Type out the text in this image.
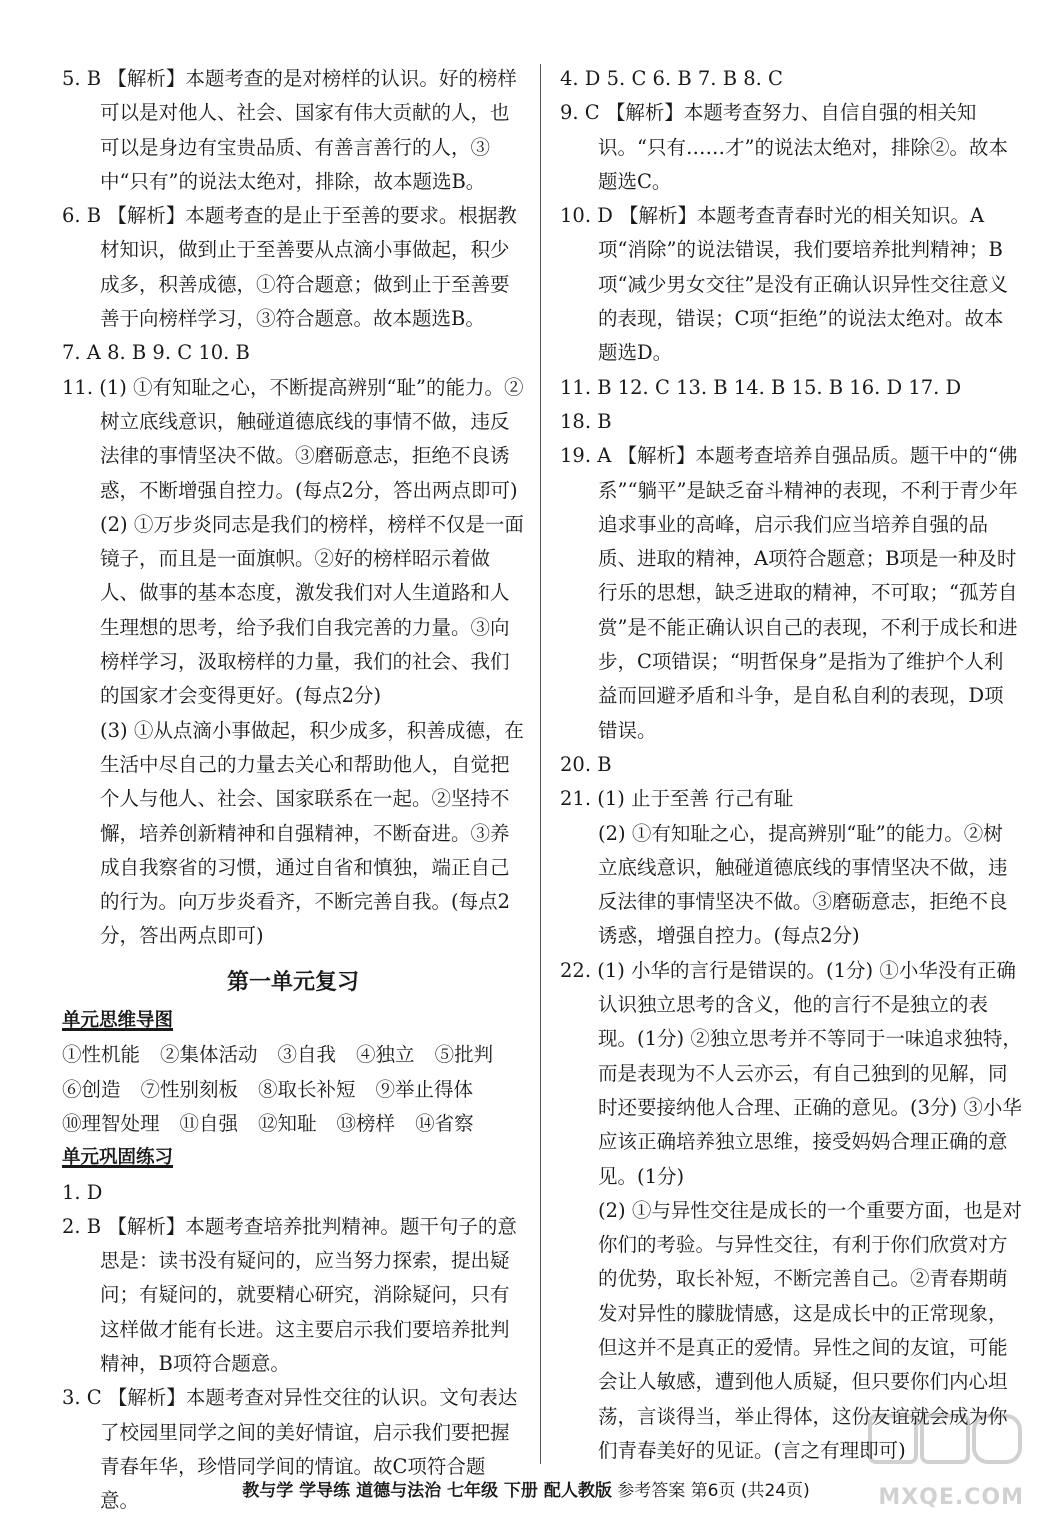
5. B 【解析】本题考查的是对榜样的认识。好的榜样可以是对他人、社会、国家有伟大贡献的人，也可以是身边有宝贵品质、有善言善行的人，③中“只有”的说法太绝对，排除，故本题选B。

6. B 【解析】本题考查的是止于至善的要求。根据教材知识，做到止于至善要从点滴小事做起，积少成多，积善成德，①符合题意；做到止于至善要善于向榜样学习，③符合题意。故本题选B。

7. A 8. B 9. C 10. B

11. (1) ①有知耻之心，不断提高辨别“耻”的能力。②树立底线意识，触碰道德底线的事情不做，违反法律的事情坚决不做。③磨砺意志，拒绝不良诱惑，不断增强自控力。(每点2分，答出两点即可)

(2) ①万步炎同志是我们的榜样，榜样不仅是一面镜子，而且是一面旗帜。②好的榜样昭示着做人、做事的基本态度，激发我们对人生道路和人生理想的思考，给予我们自我完善的力量。③向榜样学习，汲取榜样的力量，我们的社会、我们的国家才会变得更好。(每点2分)

(3) ①从点滴小事做起，积少成多，积善成德，在生活中尽自己的力量去关心和帮助他人，自觉把个人与他人、社会、国家联系在一起。②坚持不懈，培养创新精神和自强精神，不断奋进。③养成自我察省的习惯，通过自省和慎独，端正自己的行为。向万步炎看齐，不断完善自我。(每点2分，答出两点即可)

第一单元复习
单元思维导图
①性机能 ②集体活动 ③自我 ④独立 ⑤批判
⑥创造 ⑦性别刻板 ⑧取长补短 ⑨举止得体
⑩理智处理 ⑪自强 ⑫知耻 ⑬榜样 ⑭省察
单元巩固练习

1. D

2. B 【解析】本题考查培养批判精神。题干句子的意思是：读书没有疑问的，应当努力探索，提出疑问；有疑问的，就要精心研究，消除疑问，只有这样做才能有长进。这主要启示我们要培养批判精神，B项符合题意。

3. C 【解析】本题考查对异性交往的认识。文句表达了校园里同学之间的美好情谊，启示我们要把握青春年华，珍惜同学间的情谊。故C项符合题意。

4. D 5. C 6. B 7. B 8. C

9. C 【解析】本题考查努力、自信自强的相关知识。“只有……才”的说法太绝对，排除②。故本题选C。

10. D 【解析】本题考查青春时光的相关知识。A项“消除”的说法错误，我们要培养批判精神；B项“减少男女交往”是没有正确认识异性交往意义的表现，错误；C项“拒绝”的说法太绝对。故本题选D。

11. B 12. C 13. B 14. B 15. B 16. D 17. D

18. B

19. A 【解析】本题考查培养自强品质。题干中的“佛系”“躺平”是缺乏奋斗精神的表现，不利于青少年追求事业的高峰，启示我们应当培养自强的品质、进取的精神，A项符合题意；B项是一种及时行乐的思想，缺乏进取的精神，不可取；“孤芳自赏”是不能正确认识自己的表现，不利于成长和进步，C项错误；“明哲保身”是指为了维护个人利益而回避矛盾和斗争，是自私自利的表现，D项错误。

20. B

21. (1) 止于至善 行己有耻

(2) ①有知耻之心，提高辨别“耻”的能力。②树立底线意识，触碰道德底线的事情坚决不做，违反法律的事情坚决不做。③磨砺意志，拒绝不良诱惑，增强自控力。(每点2分)

22. (1) 小华的言行是错误的。(1分) ①小华没有正确认识独立思考的含义，他的言行不是独立的表现。(1分) ②独立思考并不等同于一味追求独特，而是表现为不人云亦云，有自己独到的见解，同时还要接纳他人合理、正确的意见。(3分) ③小华应该正确培养独立思维，接受妈妈合理正确的意见。(1分)

(2) ①与异性交往是成长的一个重要方面，也是对你们的考验。与异性交往，有利于你们欣赏对方的优势，取长补短，不断完善自己。②青春期萌发对异性的朦胧情感，这是成长中的正常现象，但这并不是真正的爱情。异性之间的友谊，可能会让人敏感，遭到他人质疑，但只要你们内心坦荡，言谈得当，举止得体，这份友谊就会成为你们青春美好的见证。(言之有理即可)

教与学 学导练 道德与法治 七年级 下册 配人教版 参考答案 第6页 (共24页)	MXQE.COM
